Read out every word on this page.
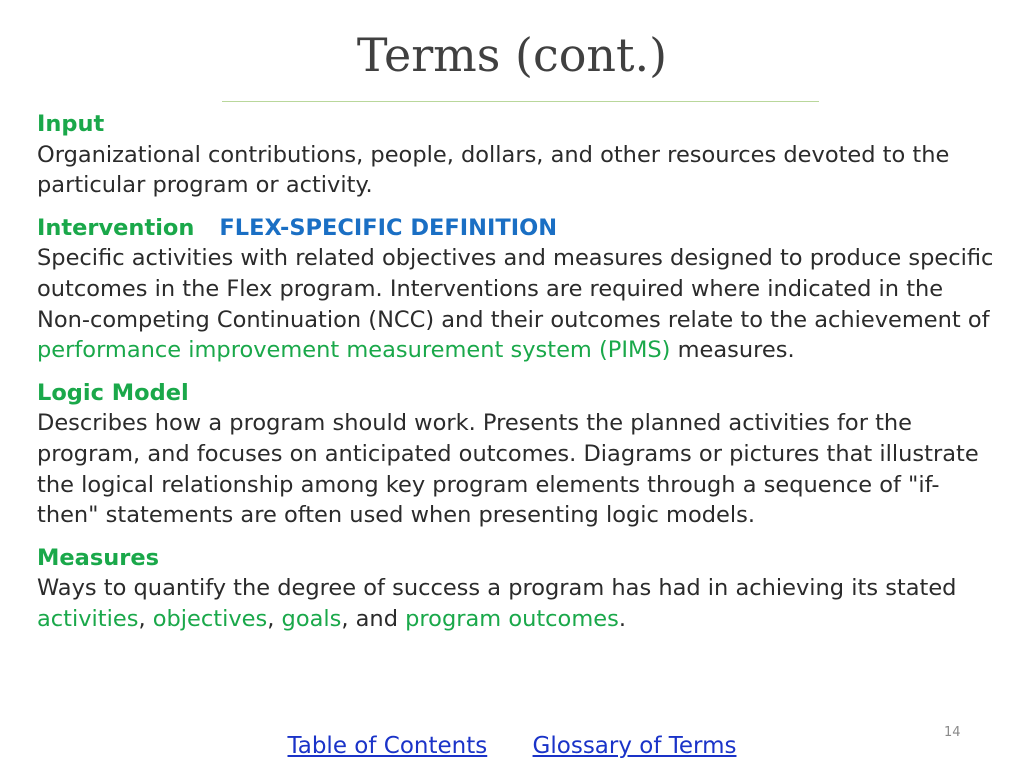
Terms (cont.)
Input
Organizational contributions, people, dollars, and other resources devoted to the particular program or activity.
Intervention FLEX-SPECIFIC DEFINITION
Specific activities with related objectives and measures designed to produce specific outcomes in the Flex program. Interventions are required where indicated in the Non-competing Continuation (NCC) and their outcomes relate to the achievement of performance improvement measurement system (PIMS) measures.
Logic Model
Describes how a program should work. Presents the planned activities for the program, and focuses on anticipated outcomes. Diagrams or pictures that illustrate the logical relationship among key program elements through a sequence of "if-then" statements are often used when presenting logic models.
Measures
Ways to quantify the degree of success a program has had in achieving its stated activities, objectives, goals, and program outcomes.
14
Table of Contents Glossary of Terms
